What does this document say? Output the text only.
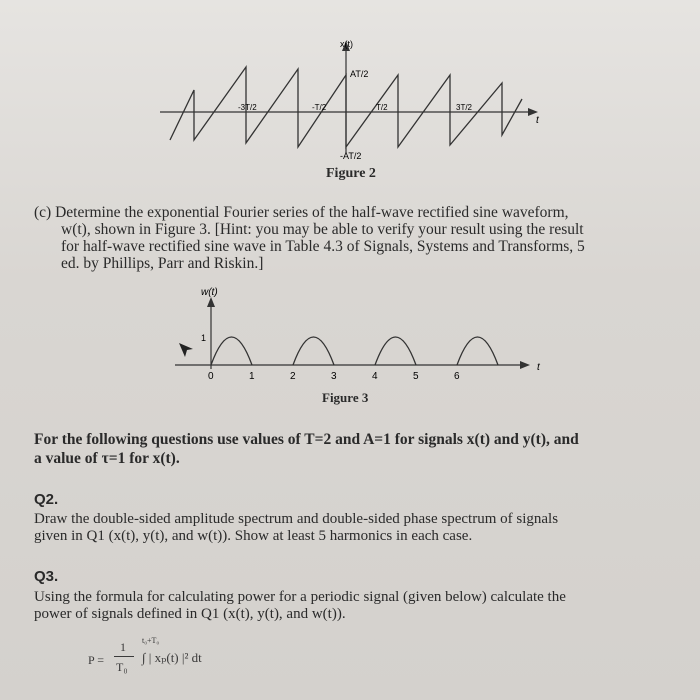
x(t)
AT/2
-AT/2
t
-3T/2	-T/2	T/2	3T/2
Figure 2
(c) Determine the exponential Fourier series of the half-wave rectified sine waveform,
w(t), shown in Figure 3. [Hint: you may be able to verify your result using the result
for half-wave rectified sine wave in Table 4.3 of Signals, Systems and Transforms, 5
ed. by Phillips, Parr and Riskin.]
w(t)
1
t
0	1	2	3	4	5	6
Figure 3
For the following questions use values of T=2 and A=1 for signals x(t) and y(t), and
a value of τ=1 for x(t).
Q2.
Draw the double-sided amplitude spectrum and double-sided phase spectrum of signals
given in Q1 (x(t), y(t), and w(t)). Show at least 5 harmonics in each case.
Q3.
Using the formula for calculating power for a periodic signal (given below) calculate the
power of signals defined in Q1 (x(t), y(t), and w(t)).
P =
1
T₀
t₀+T₀
∫ | xₚ(t) |² dt
